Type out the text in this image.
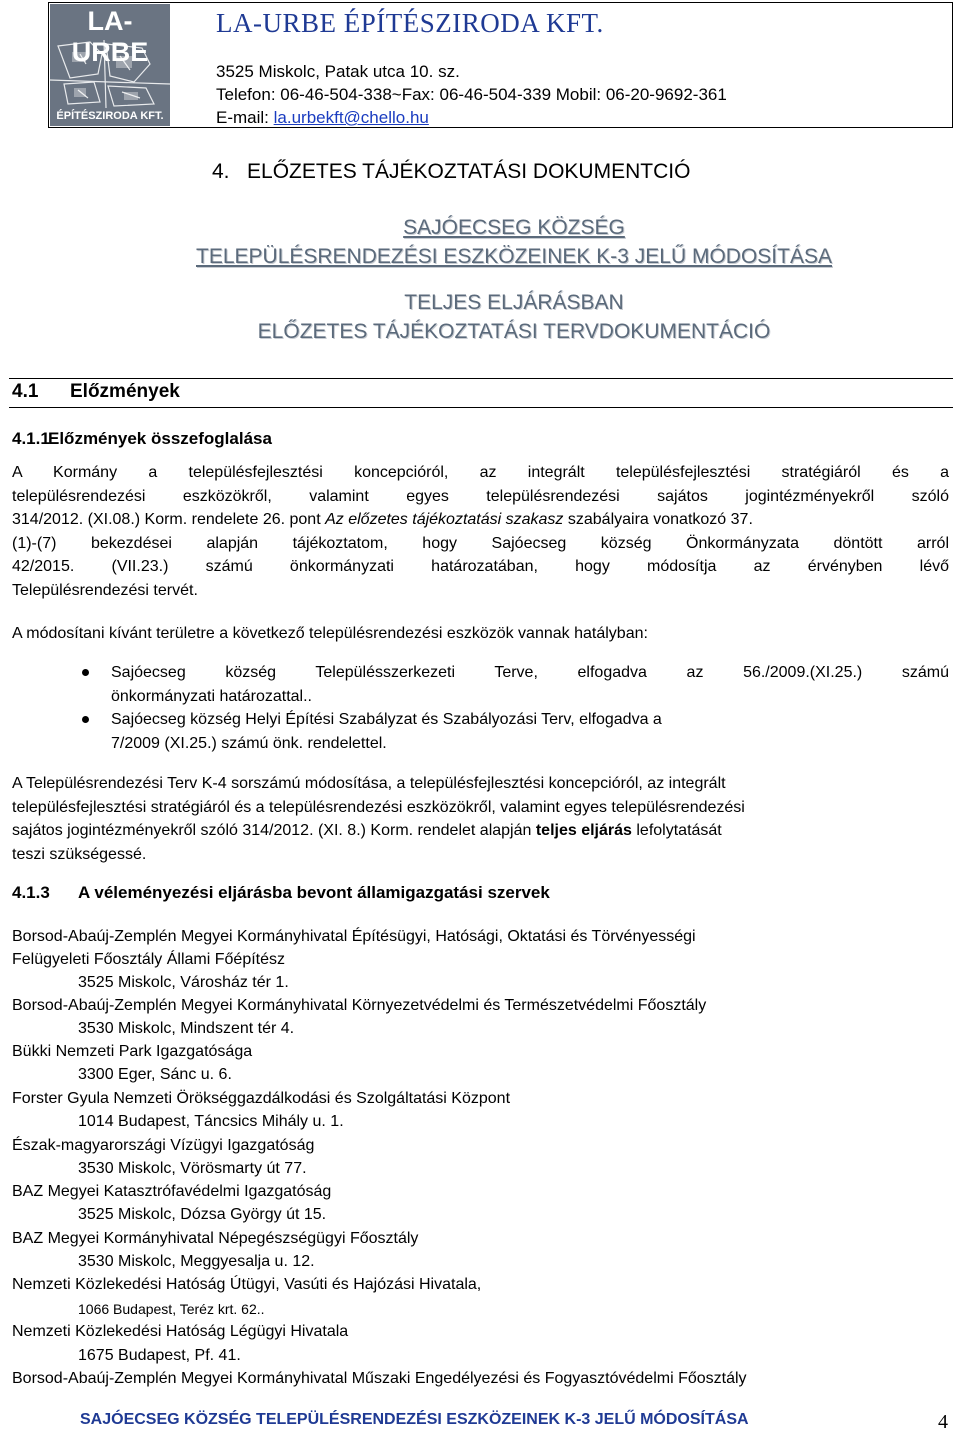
LA-URBE
ÉPÍTÉSZIRODA KFT.
LA-URBE ÉPÍTÉSZIRODA KFT.
3525 Miskolc, Patak utca 10. sz.
Telefon: 06-46-504-338~Fax: 06-46-504-339 Mobil: 06-20-9692-361
E-mail: la.urbekft@chello.hu
4. ELŐZETES TÁJÉKOZTATÁSI DOKUMENTCIÓ
SAJÓECSEG KÖZSÉG
TELEPÜLÉSRENDEZÉSI ESZKÖZEINEK K-3 JELŰ MÓDOSÍTÁSA
TELJES ELJÁRÁSBAN
ELŐZETES TÁJÉKOZTATÁSI TERVDOKUMENTÁCIÓ
4.1 Előzmények
4.1.1Előzmények összefoglalása
A Kormány a településfejlesztési koncepcióról, az integrált településfejlesztési stratégiáról és a
településrendezési eszközökről, valamint egyes településrendezési sajátos jogintézményekről szóló
314/2012. (XI.08.) Korm. rendelete 26. pont Az előzetes tájékoztatási szakasz szabályaira vonatkozó 37.
(1)-(7) bekezdései alapján tájékoztatom, hogy Sajóecseg község Önkormányzata döntött arról
42/2015. (VII.23.) számú önkormányzati határozatában, hogy módosítja az érvényben lévő
Településrendezési tervét.
A módosítani kívánt területre a következő településrendezési eszközök vannak hatályban:
Sajóecseg község Településszerkezeti Terve, elfogadva az 56./2009.(XI.25.) számú
önkormányzati határozattal..
Sajóecseg község Helyi Építési Szabályzat és Szabályozási Terv, elfogadva a
7/2009 (XI.25.) számú önk. rendelettel.
A Településrendezési Terv K-4 sorszámú módosítása, a településfejlesztési koncepcióról, az integrált
településfejlesztési stratégiáról és a településrendezési eszközökről, valamint egyes településrendezési
sajátos jogintézményekről szóló 314/2012. (XI. 8.) Korm. rendelet alapján teljes eljárás lefolytatását
teszi szükségessé.
4.1.3 A véleményezési eljárásba bevont államigazgatási szervek
Borsod-Abaúj-Zemplén Megyei Kormányhivatal Építésügyi, Hatósági, Oktatási és Törvényességi
Felügyeleti Főosztály Állami Főépítész
3525 Miskolc, Városház tér 1.
Borsod-Abaúj-Zemplén Megyei Kormányhivatal Környezetvédelmi és Természetvédelmi Főosztály
3530 Miskolc, Mindszent tér 4.
Bükki Nemzeti Park Igazgatósága
3300 Eger, Sánc u. 6.
Forster Gyula Nemzeti Örökséggazdálkodási és Szolgáltatási Központ
1014 Budapest, Táncsics Mihály u. 1.
Észak-magyarországi Vízügyi Igazgatóság
3530 Miskolc, Vörösmarty út 77.
BAZ Megyei Katasztrófavédelmi Igazgatóság
3525 Miskolc, Dózsa György út 15.
BAZ Megyei Kormányhivatal Népegészségügyi Főosztály
3530 Miskolc, Meggyesalja u. 12.
Nemzeti Közlekedési Hatóság Útügyi, Vasúti és Hajózási Hivatala,
1066 Budapest, Teréz krt. 62..
Nemzeti Közlekedési Hatóság Légügyi Hivatala
1675 Budapest, Pf. 41.
Borsod-Abaúj-Zemplén Megyei Kormányhivatal Műszaki Engedélyezési és Fogyasztóvédelmi Főosztály
SAJÓECSEG KÖZSÉG TELEPÜLÉSRENDEZÉSI ESZKÖZEINEK K-3 JELŰ MÓDOSÍTÁSA	4
